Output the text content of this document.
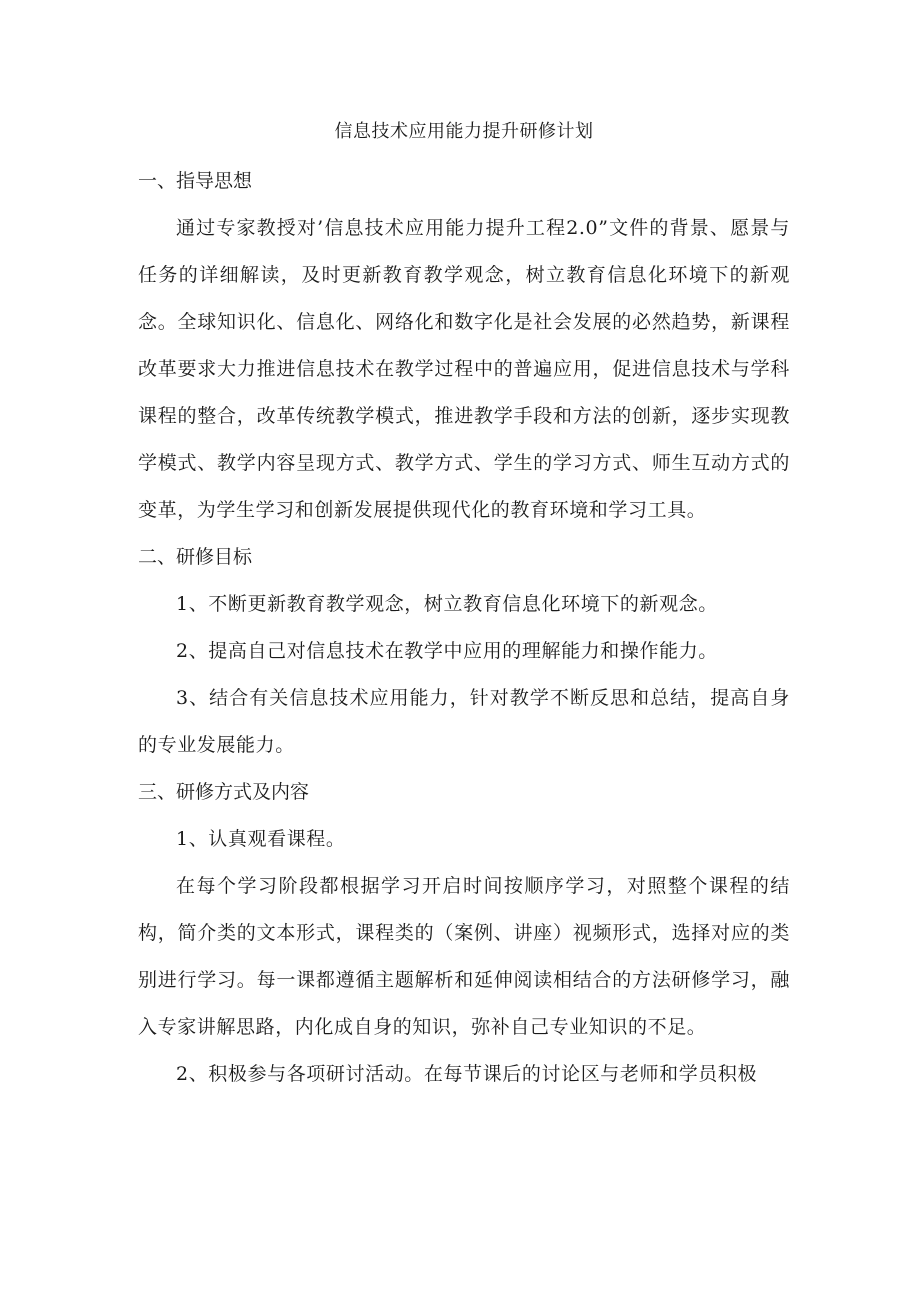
信息技术应用能力提升研修计划

一、指导思想

通过专家教授对’信息技术应用能力提升工程2.0”文件的背景、愿景与任务的详细解读，及时更新教育教学观念，树立教育信息化环境下的新观念。全球知识化、信息化、网络化和数字化是社会发展的必然趋势，新课程改革要求大力推进信息技术在教学过程中的普遍应用，促进信息技术与学科课程的整合，改革传统教学模式，推进教学手段和方法的创新，逐步实现教学模式、教学内容呈现方式、教学方式、学生的学习方式、师生互动方式的变革，为学生学习和创新发展提供现代化的教育环境和学习工具。

二、研修目标

1、不断更新教育教学观念，树立教育信息化环境下的新观念。

2、提高自己对信息技术在教学中应用的理解能力和操作能力。

3、结合有关信息技术应用能力，针对教学不断反思和总结，提高自身的专业发展能力。

三、研修方式及内容

1、认真观看课程。

在每个学习阶段都根据学习开启时间按顺序学习，对照整个课程的结构，简介类的文本形式，课程类的（案例、讲座）视频形式，选择对应的类别进行学习。每一课都遵循主题解析和延伸阅读相结合的方法研修学习，融入专家讲解思路，内化成自身的知识，弥补自己专业知识的不足。

2、积极参与各项研讨活动。在每节课后的讨论区与老师和学员积极
